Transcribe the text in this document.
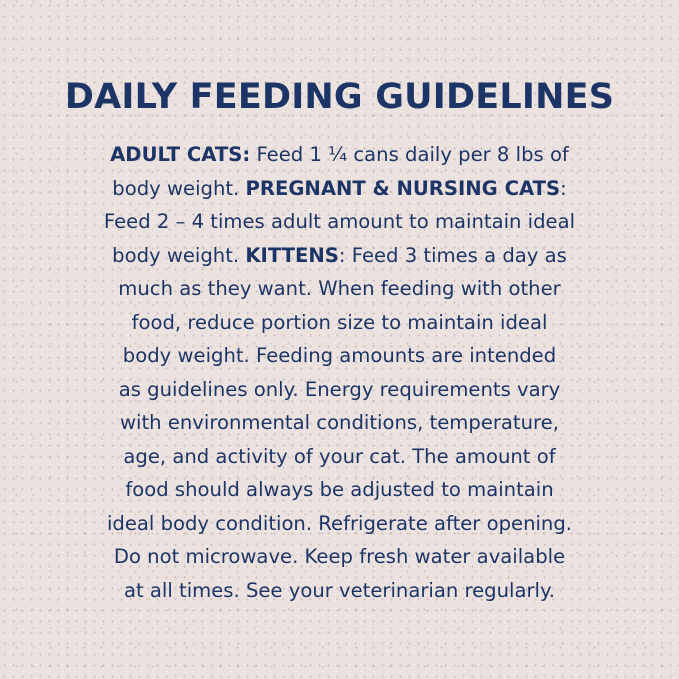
DAILY FEEDING GUIDELINES
ADULT CATS: Feed 1 ¼ cans daily per 8 lbs of
body weight. PREGNANT & NURSING CATS:
Feed 2 – 4 times adult amount to maintain ideal
body weight. KITTENS: Feed 3 times a day as
much as they want. When feeding with other
food, reduce portion size to maintain ideal
body weight. Feeding amounts are intended
as guidelines only. Energy requirements vary
with environmental conditions, temperature,
age, and activity of your cat. The amount of
food should always be adjusted to maintain
ideal body condition. Refrigerate after opening.
Do not microwave. Keep fresh water available
at all times. See your veterinarian regularly.
